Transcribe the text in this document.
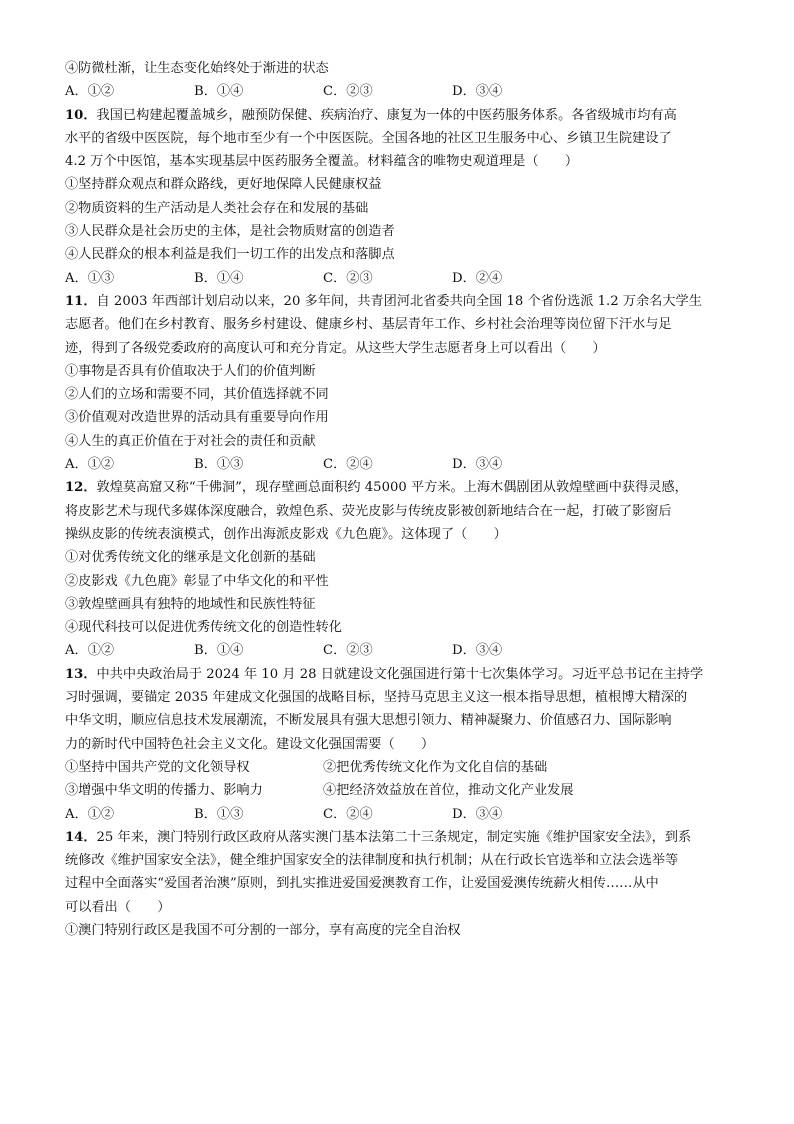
④防微杜渐，让生态变化始终处于渐进的状态
A．①②	B．①④	C．②③	D．③④
10．我国已构建起覆盖城乡，融预防保健、疾病治疗、康复为一体的中医药服务体系。各省级城市均有高
水平的省级中医医院，每个地市至少有一个中医医院。全国各地的社区卫生服务中心、乡镇卫生院建设了
4.2 万个中医馆，基本实现基层中医药服务全覆盖。材料蕴含的唯物史观道理是（　　）
①坚持群众观点和群众路线，更好地保障人民健康权益
②物质资料的生产活动是人类社会存在和发展的基础
③人民群众是社会历史的主体，是社会物质财富的创造者
④人民群众的根本利益是我们一切工作的出发点和落脚点
A．①③	B．①④	C．②③	D．②④
11．自 2003 年西部计划启动以来，20 多年间，共青团河北省委共向全国 18 个省份选派 1.2 万余名大学生
志愿者。他们在乡村教育、服务乡村建设、健康乡村、基层青年工作、乡村社会治理等岗位留下汗水与足
迹，得到了各级党委政府的高度认可和充分肯定。从这些大学生志愿者身上可以看出（　　）
①事物是否具有价值取决于人们的价值判断
②人们的立场和需要不同，其价值选择就不同
③价值观对改造世界的活动具有重要导向作用
④人生的真正价值在于对社会的责任和贡献
A．①②	B．①③	C．②④	D．③④
12．敦煌莫高窟又称“千佛洞”，现存壁画总面积约 45000 平方米。上海木偶剧团从敦煌壁画中获得灵感，
将皮影艺术与现代多媒体深度融合，敦煌色系、荧光皮影与传统皮影被创新地结合在一起，打破了影窗后
操纵皮影的传统表演模式，创作出海派皮影戏《九色鹿》。这体现了（　　）
①对优秀传统文化的继承是文化创新的基础
②皮影戏《九色鹿》彰显了中华文化的和平性
③敦煌壁画具有独特的地域性和民族性特征
④现代科技可以促进优秀传统文化的创造性转化
A．①②	B．①④	C．②③	D．③④
13．中共中央政治局于 2024 年 10 月 28 日就建设文化强国进行第十七次集体学习。习近平总书记在主持学
习时强调，要锚定 2035 年建成文化强国的战略目标，坚持马克思主义这一根本指导思想，植根博大精深的
中华文明，顺应信息技术发展潮流，不断发展具有强大思想引领力、精神凝聚力、价值感召力、国际影响
力的新时代中国特色社会主义文化。建设文化强国需要（　　）
①坚持中国共产党的文化领导权	②把优秀传统文化作为文化自信的基础
③增强中华文明的传播力、影响力	④把经济效益放在首位，推动文化产业发展
A．①②	B．①③	C．②④	D．③④
14．25 年来，澳门特别行政区政府从落实澳门基本法第二十三条规定，制定实施《维护国家安全法》，到系
统修改《维护国家安全法》，健全维护国家安全的法律制度和执行机制；从在行政长官选举和立法会选举等
过程中全面落实“爱国者治澳”原则，到扎实推进爱国爱澳教育工作，让爱国爱澳传统薪火相传……从中
可以看出（　　）
①澳门特别行政区是我国不可分割的一部分，享有高度的完全自治权
